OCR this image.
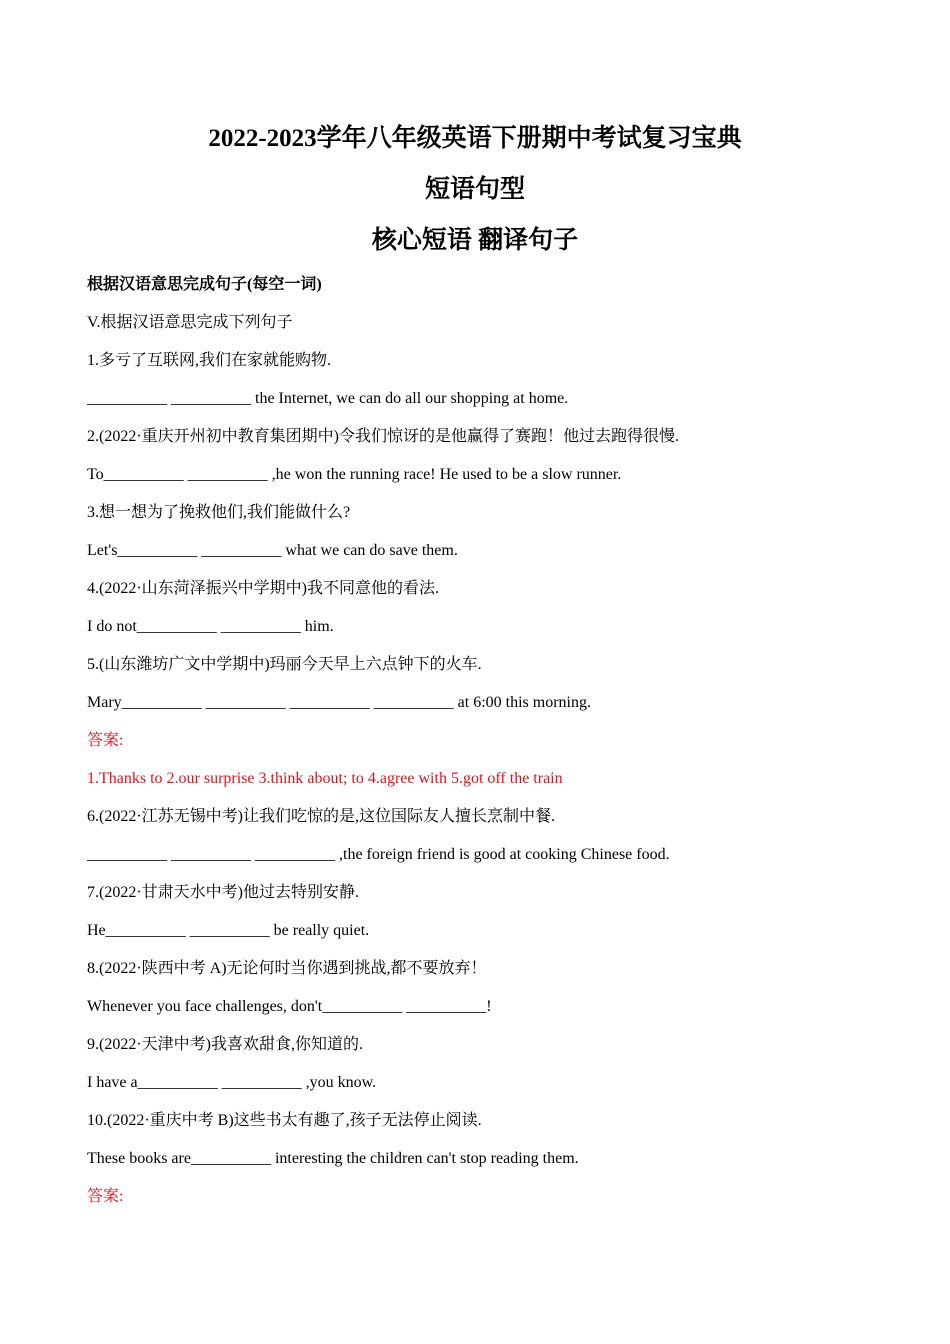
2022-2023学年八年级英语下册期中考试复习宝典
短语句型
核心短语 翻译句子
根据汉语意思完成句子(每空一词)
V.根据汉语意思完成下列句子
1.多亏了互联网,我们在家就能购物.
__________ __________ the Internet, we can do all our shopping at home.
2.(2022·重庆开州初中教育集团期中)令我们惊讶的是他赢得了赛跑！他过去跑得很慢.
To__________ __________ ,he won the running race! He used to be a slow runner.
3.想一想为了挽救他们,我们能做什么?
Let's__________ __________ what we can do save them.
4.(2022·山东菏泽振兴中学期中)我不同意他的看法.
I do not__________ __________ him.
5.(山东潍坊广文中学期中)玛丽今天早上六点钟下的火车.
Mary__________ __________ __________ __________ at 6:00 this morning.
答案:
1.Thanks to 2.our surprise 3.think about; to 4.agree with 5.got off the train
6.(2022·江苏无锡中考)让我们吃惊的是,这位国际友人擅长烹制中餐.
__________ __________ __________ ,the foreign friend is good at cooking Chinese food.
7.(2022·甘肃天水中考)他过去特别安静.
He__________ __________ be really quiet.
8.(2022·陕西中考 A)无论何时当你遇到挑战,都不要放弃！
Whenever you face challenges, don't__________ __________!
9.(2022·天津中考)我喜欢甜食,你知道的.
I have a__________ __________ ,you know.
10.(2022·重庆中考 B)这些书太有趣了,孩子无法停止阅读.
These books are__________ interesting the children can't stop reading them.
答案:
